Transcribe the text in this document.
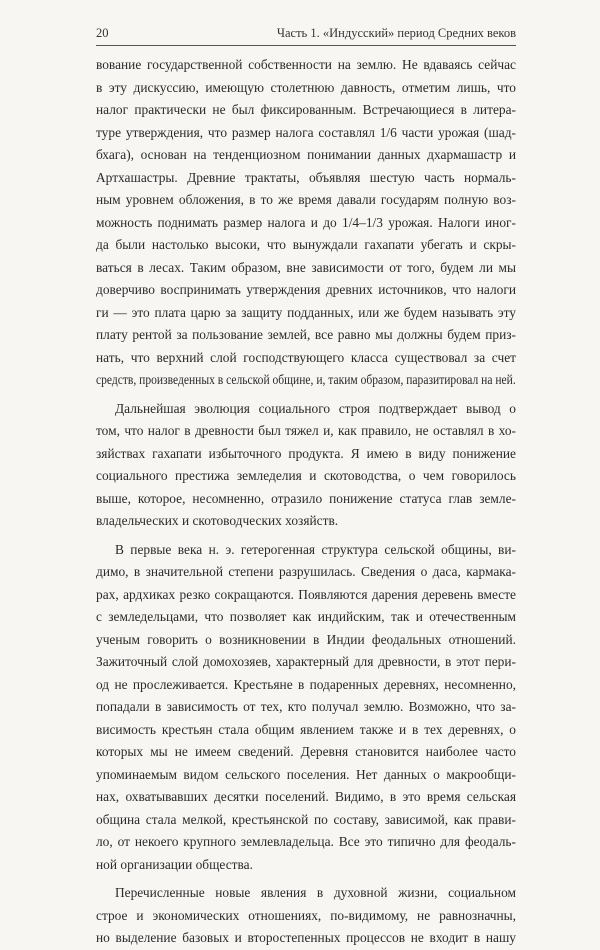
20	Часть 1. «Индусский» период Средних веков
вование государственной собственности на землю. Не вдаваясь сейчас
в эту дискуссию, имеющую столетнюю давность, отметим лишь, что
налог практически не был фиксированным. Встречающиеся в литера-
туре утверждения, что размер налога составлял 1/6 части урожая (шад-
бхага), основан на тенденциозном понимании данных дхармашастр и
Артхашастры. Древние трактаты, объявляя шестую часть нормаль-
ным уровнем обложения, в то же время давали государям полную воз-
можность поднимать размер налога и до 1/4–1/3 урожая. Налоги иног-
да были настолько высоки, что вынуждали гахапати убегать и скры-
ваться в лесах. Таким образом, вне зависимости от того, будем ли мы
доверчиво воспринимать утверждения древних источников, что налоги
ги — это плата царю за защиту подданных, или же будем называть эту
плату рентой за пользование землей, все равно мы должны будем приз-
нать, что верхний слой господствующего класса существовал за счет
средств, произведенных в сельской общине, и, таким образом, паразитировал на ней.
Дальнейшая эволюция социального строя подтверждает вывод о
том, что налог в древности был тяжел и, как правило, не оставлял в хо-
зяйствах гахапати избыточного продукта. Я имею в виду понижение
социального престижа земледелия и скотоводства, о чем говорилось
выше, которое, несомненно, отразило понижение статуса глав земле-
владельческих и скотоводческих хозяйств.
В первые века н. э. гетерогенная структура сельской общины, ви-
димо, в значительной степени разрушилась. Сведения о даса, кармака-
рах, ардхиках резко сокращаются. Появляются дарения деревень вместе
с земледельцами, что позволяет как индийским, так и отечественным
ученым говорить о возникновении в Индии феодальных отношений.
Зажиточный слой домохозяев, характерный для древности, в этот пери-
од не прослеживается. Крестьяне в подаренных деревнях, несомненно,
попадали в зависимость от тех, кто получал землю. Возможно, что за-
висимость крестьян стала общим явлением также и в тех деревнях, о
которых мы не имеем сведений. Деревня становится наиболее часто
упоминаемым видом сельского поселения. Нет данных о макрообщи-
нах, охватывавших десятки поселений. Видимо, в это время сельская
община стала мелкой, крестьянской по составу, зависимой, как прави-
ло, от некоего крупного землевладельца. Все это типично для феодаль-
ной организации общества.
Перечисленные новые явления в духовной жизни, социальном
строе и экономических отношениях, по-видимому, не равнозначны,
но выделение базовых и второстепенных процессов не входит в нашу
